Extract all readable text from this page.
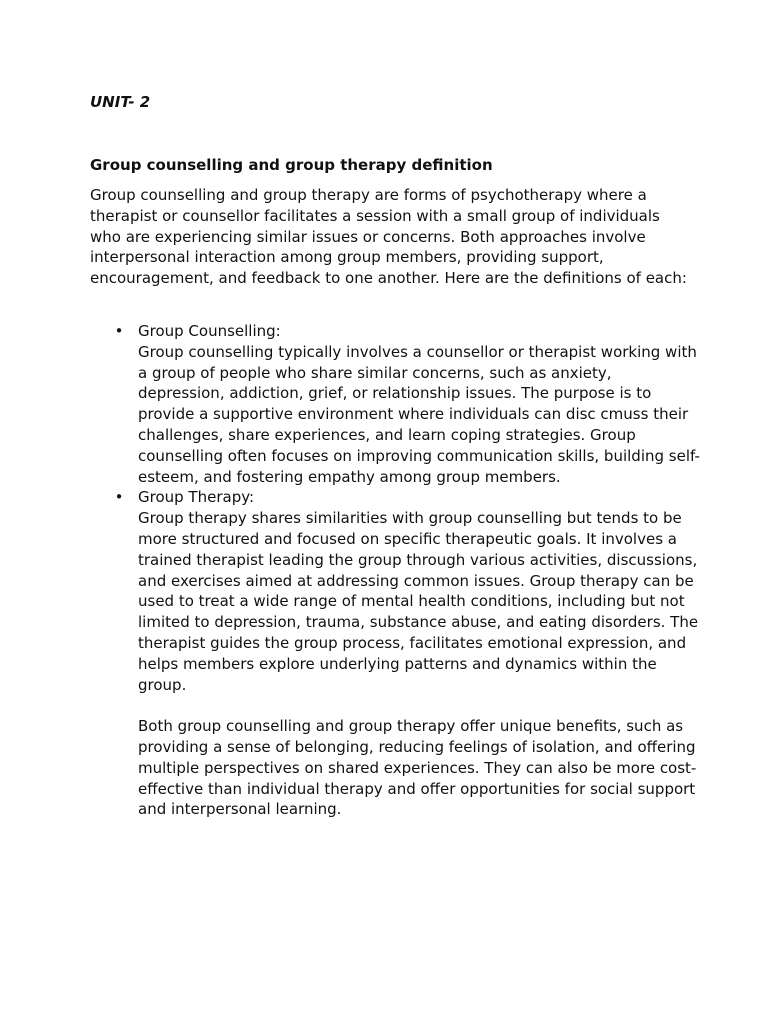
UNIT- 2

Group counselling and group therapy definition

Group counselling and group therapy are forms of psychotherapy where a therapist or counsellor facilitates a session with a small group of individuals who are experiencing similar issues or concerns. Both approaches involve interpersonal interaction among group members, providing support, encouragement, and feedback to one another. Here are the definitions of each:

• Group Counselling:
Group counselling typically involves a counsellor or therapist working with a group of people who share similar concerns, such as anxiety, depression, addiction, grief, or relationship issues. The purpose is to provide a supportive environment where individuals can disc cmuss their challenges, share experiences, and learn coping strategies. Group counselling often focuses on improving communication skills, building self-esteem, and fostering empathy among group members.
• Group Therapy:
Group therapy shares similarities with group counselling but tends to be more structured and focused on specific therapeutic goals. It involves a trained therapist leading the group through various activities, discussions, and exercises aimed at addressing common issues. Group therapy can be used to treat a wide range of mental health conditions, including but not limited to depression, trauma, substance abuse, and eating disorders. The therapist guides the group process, facilitates emotional expression, and helps members explore underlying patterns and dynamics within the group.
Both group counselling and group therapy offer unique benefits, such as providing a sense of belonging, reducing feelings of isolation, and offering multiple perspectives on shared experiences. They can also be more cost-effective than individual therapy and offer opportunities for social support and interpersonal learning.
